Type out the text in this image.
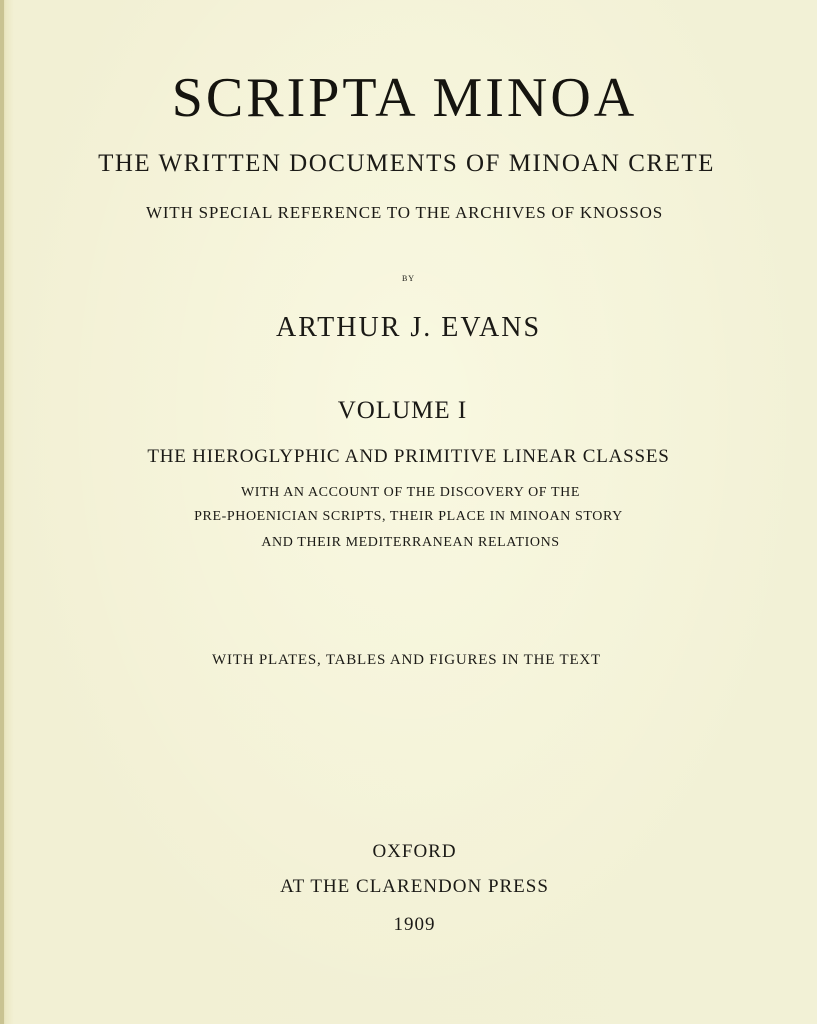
SCRIPTA MINOA
THE WRITTEN DOCUMENTS OF MINOAN CRETE
WITH SPECIAL REFERENCE TO THE ARCHIVES OF KNOSSOS
BY
ARTHUR J. EVANS
VOLUME I
THE HIEROGLYPHIC AND PRIMITIVE LINEAR CLASSES
WITH AN ACCOUNT OF THE DISCOVERY OF THE
PRE-PHOENICIAN SCRIPTS, THEIR PLACE IN MINOAN STORY
AND THEIR MEDITERRANEAN RELATIONS
WITH PLATES, TABLES AND FIGURES IN THE TEXT
OXFORD
AT THE CLARENDON PRESS
1909
